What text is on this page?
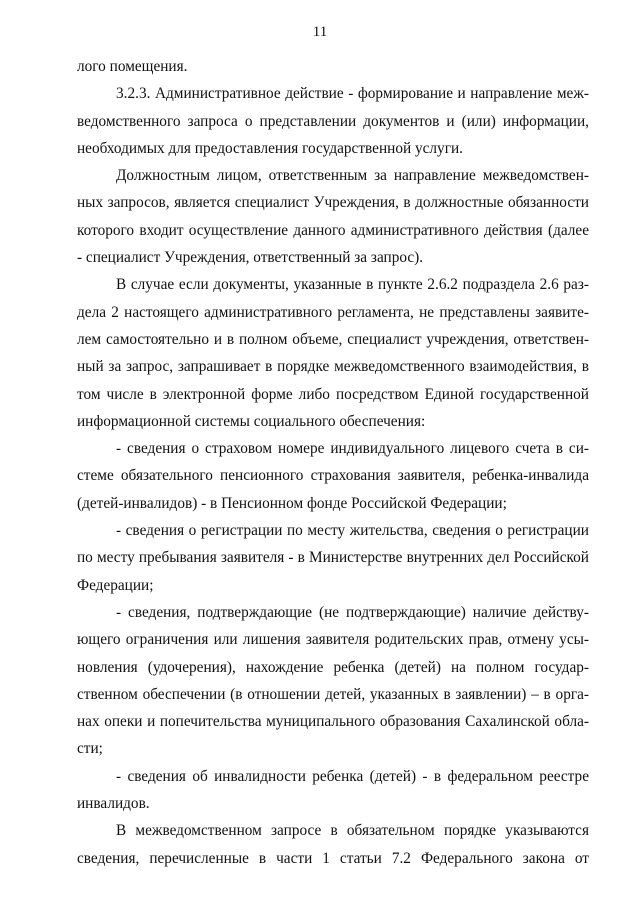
11
лого помещения.
3.2.3. Административное действие - формирование и направление меж-
ведомственного запроса о представлении документов и (или) информации,
необходимых для предоставления государственной услуги.
Должностным лицом, ответственным за направление межведомствен-
ных запросов, является специалист Учреждения, в должностные обязанности
которого входит осуществление данного административного действия (далее
- специалист Учреждения, ответственный за запрос).
В случае если документы, указанные в пункте 2.6.2 подраздела 2.6 раз-
дела 2 настоящего административного регламента, не представлены заявите-
лем самостоятельно и в полном объеме, специалист учреждения, ответствен-
ный за запрос, запрашивает в порядке межведомственного взаимодействия, в
том числе в электронной форме либо посредством Единой государственной
информационной системы социального обеспечения:
- сведения о страховом номере индивидуального лицевого счета в си-
стеме обязательного пенсионного страхования заявителя, ребенка-инвалида
(детей-инвалидов) - в Пенсионном фонде Российской Федерации;
- сведения о регистрации по месту жительства, сведения о регистрации
по месту пребывания заявителя - в Министерстве внутренних дел Российской
Федерации;
- сведения, подтверждающие (не подтверждающие) наличие действу-
ющего ограничения или лишения заявителя родительских прав, отмену усы-
новления (удочерения), нахождение ребенка (детей) на полном государ-
ственном обеспечении (в отношении детей, указанных в заявлении) – в орга-
нах опеки и попечительства муниципального образования Сахалинской обла-
сти;
- сведения об инвалидности ребенка (детей) - в федеральном реестре
инвалидов.
В межведомственном запросе в обязательном порядке указываются
сведения, перечисленные в части 1 статьи 7.2 Федерального закона от
